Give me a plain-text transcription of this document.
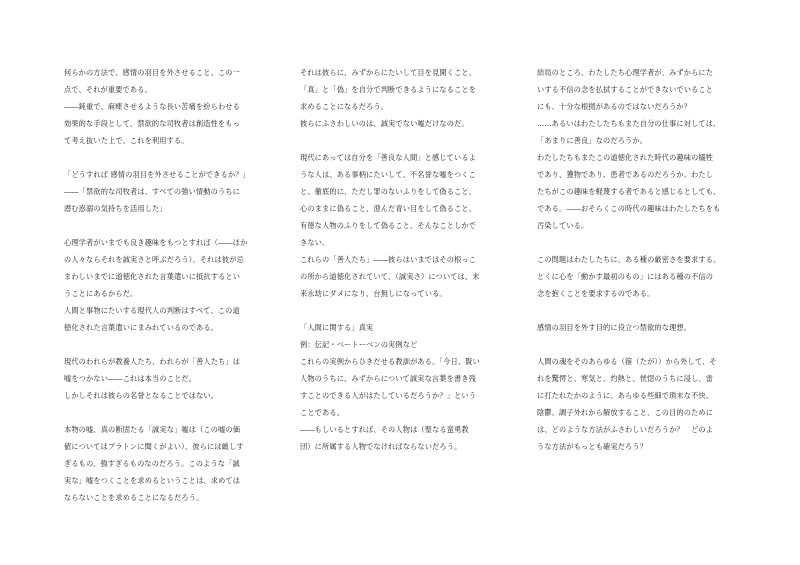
何らかの方法で、感情の羽目を外させること。この一
点で、それが重要である。
――鈍重で、麻痺させるような長い苦痛を紛らわせる
効果的な手段として、禁欲的な司牧者は創造性をもっ
て考え抜いた上で、これを利用する。

「どうすれば 感情の羽目を外させることができるか？」
――「禁欲的な司牧者は、すべての強い情動のうちに
潜む惑溺の気持ちを活用した」

心理学者がいまでも良き趣味をもつとすれば（――ほか
の人々ならそれを誠実さと呼ぶだろう）、それは彼が忌
まわしいまでに道徳化された言葉遣いに抵抗するとい
うことにあるからだ。
人間と事物にたいする現代人の判断はすべて、この道
徳化された言葉遣いにまみれているのである。

現代のわれらが教養人たち、われらが「善人たち」は
嘘をつかない――これは本当のことだ。
しかしそれは彼らの名誉となることではない。

本物の嘘、真の断固たる「誠実な」嘘は（この嘘の価
値についてはプラトンに聞くがよい）、彼らには厳しす
ぎるもの、強すぎるものなのだろう。このような「誠
実な」嘘をつくことを求めるということは、求めては
ならないことを求めることになるだろう。

それは彼らに、みずからにたいして目を見開くこと、
「真」と「偽」を自分で判断できるようになることを
求めることになるだろう。
彼らにふさわしいのは、誠実でない嘘だけなのだ。

現代にあっては自分を「善良な人間」と感じているよ
うな人は、ある事柄にたいして、不名誉な嘘をつくこ
と、徹底的に、ただし罪のないふりをして偽ること、
心のままに偽ること、澄んだ青い目をして偽ること、
有徳な人物のふりをして偽ること、そんなことしかで
きない。
これらの「善人たち」――彼らはいまではその根っこ
の所から道徳化されていて、（誠実さ）については、未
来永劫にダメになり、台無しになっている。

「人間に関する」真実
例：伝記・ベートーベンの実例など
これらの実例からひきだせる教訓がある。「今日、賢い
人物のうちに、みずからについて誠実な言葉を書き残
すことのできる人がはたしているだろうか？」という
ことである。
――もしいるとすれば、その人物は（聖なる蛮勇教
団）に所属する人物でなければならないだろう。

結局のところ、わたしたち心理学者が、みずからにた
いする不信の念を払拭することができないでいること
にも、十分な根拠があるのではないだろうか？
……あるいはわたしたちもまた自分の仕事に対しては、
「あまりに善良」なのだろうか。
わたしたちもまたこの道徳化された時代の趣味の犠牲
であり、獲物であり、患者であるのだろうか。わたし
たちがこの趣味を軽蔑する者であると感じるとしても、
である。――おそらくこの時代の趣味はわたしたちをも
汚染している。

この問題はわたしたちに、ある種の厳密さを要求する。
とくに心を「動かす最初のもの」にはある種の不信の
念を抱くことを要求するのである。

感情の羽目を外す目的に役立つ禁欲的な理想。

人間の魂をそのあらゆる（箍（たが））から外して、そ
れを驚愕と、寒気と、灼熱と、恍惚のうちに浸し、雷
に打たれたかのように、あらゆる些細で瑣末な不快、
陰鬱、調子外れから解放すること、この目的のために
は、どのような方法がふさわしいだろうか？　どのよ
うな方法がもっとも確実だろう？
